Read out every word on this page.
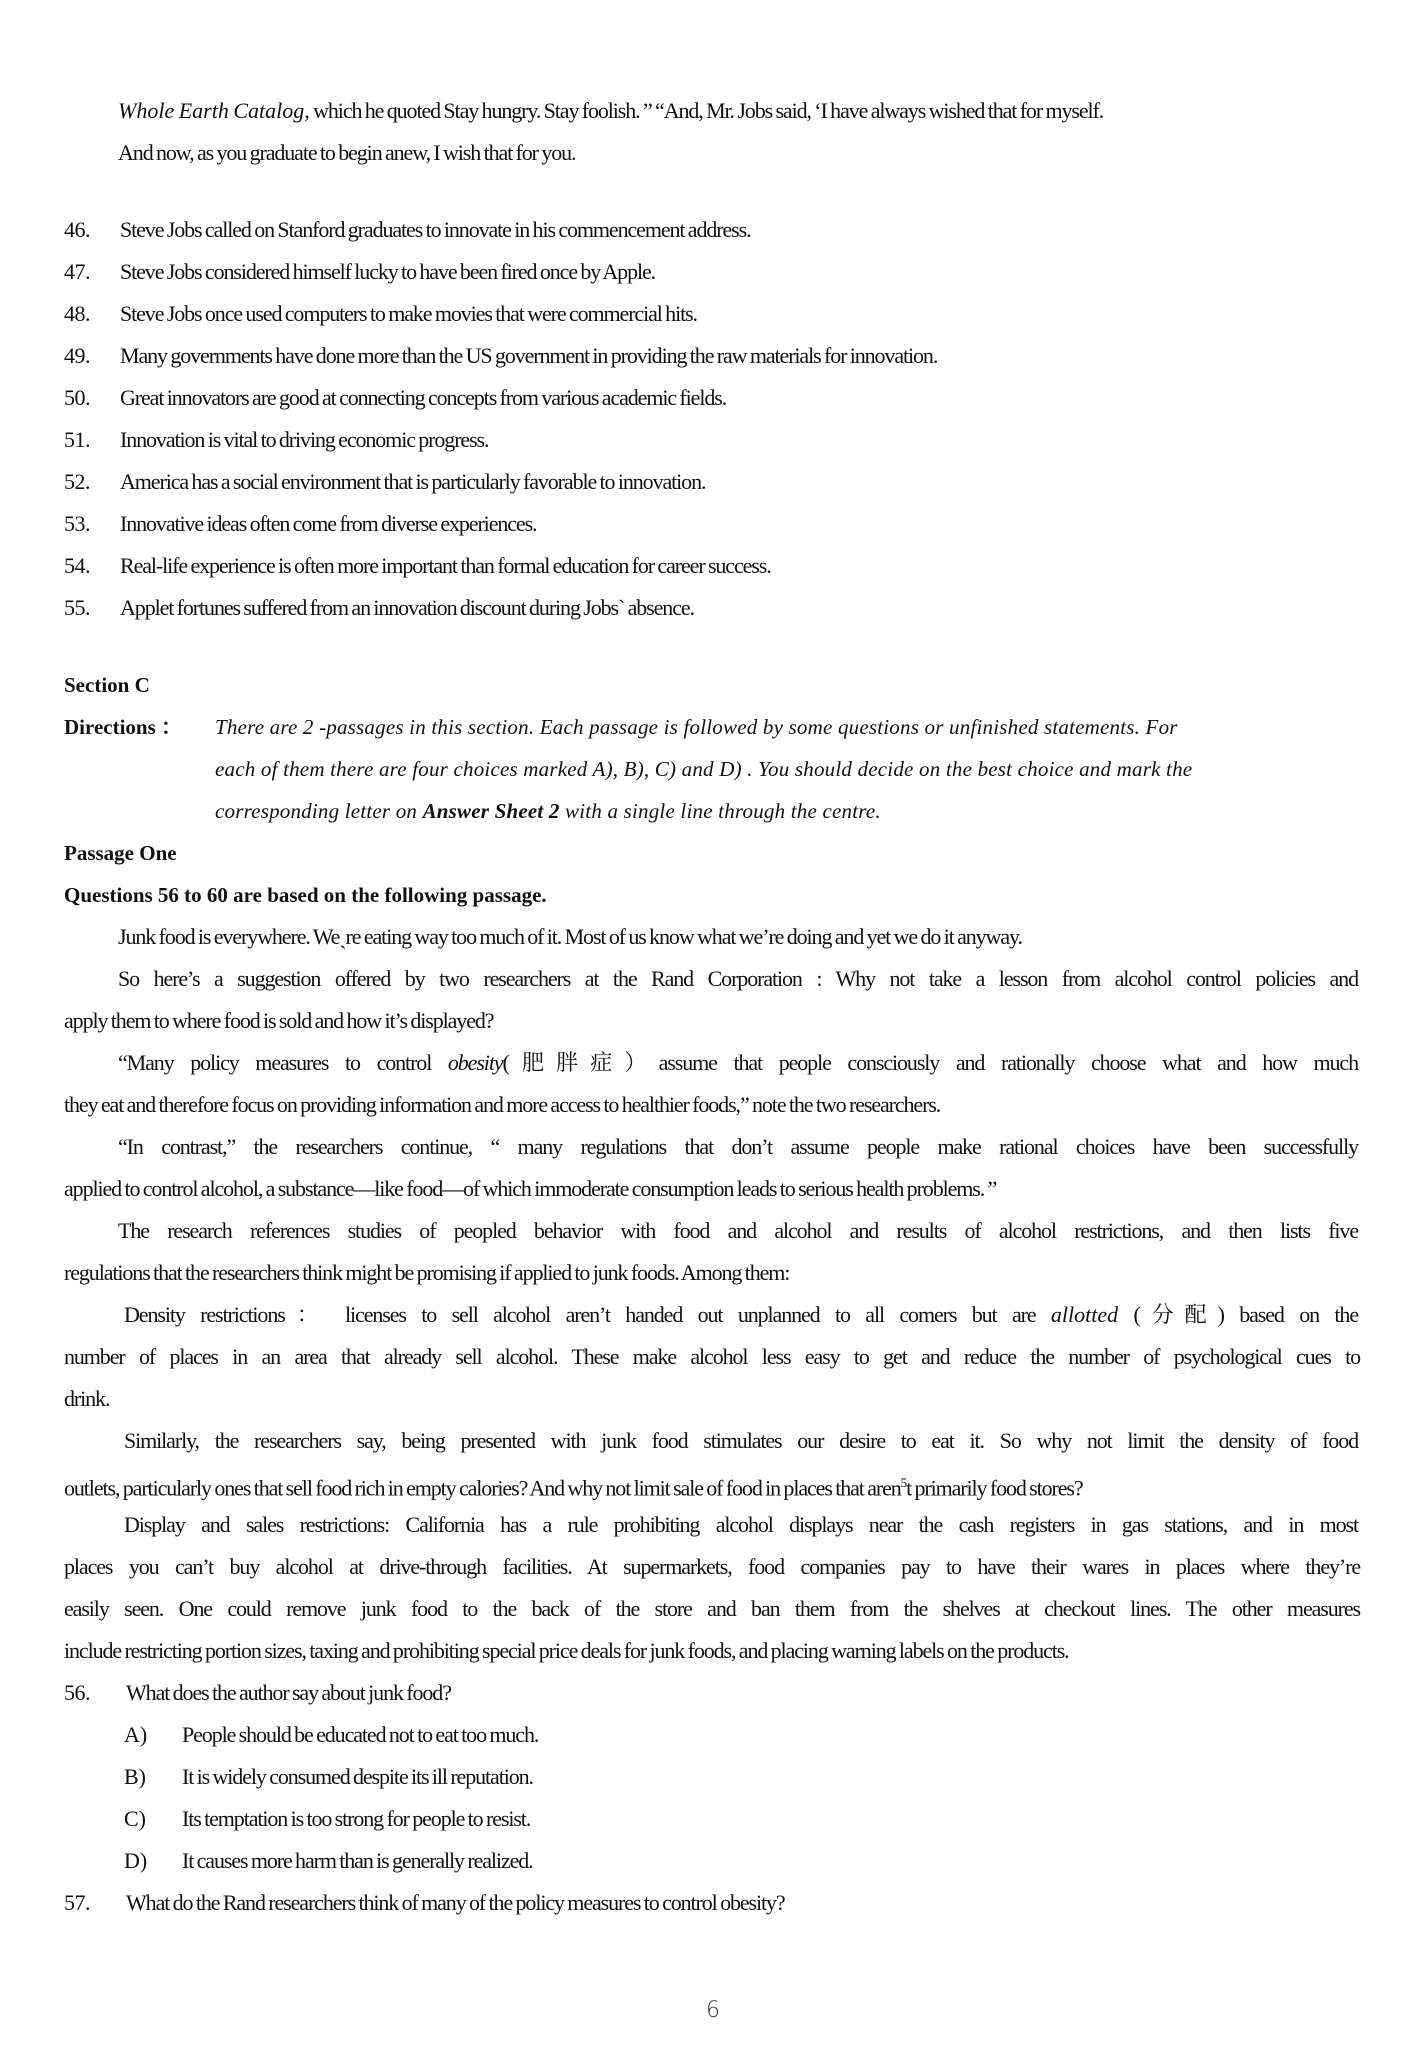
Whole Earth Catalog, which he quoted Stay hungry. Stay foolish. ” “And, Mr. Jobs said, ‘I have always wished that for myself.
And now, as you graduate to begin anew, I wish that for you.
46. Steve Jobs called on Stanford graduates to innovate in his commencement address.
47. Steve Jobs considered himself lucky to have been fired once by Apple.
48. Steve Jobs once used computers to make movies that were commercial hits.
49. Many governments have done more than the US government in providing the raw materials for innovation.
50. Great innovators are good at connecting concepts from various academic fields.
51. Innovation is vital to driving economic progress.
52. America has a social environment that is particularly favorable to innovation.
53. Innovative ideas often come from diverse experiences.
54. Real-life experience is often more important than formal education for career success.
55. Applet fortunes suffered from an innovation discount during Jobsˋ absence.
Section C
Directions ： There are 2 -passages in this section. Each passage is followed by some questions or unfinished statements. For
each of them there are four choices marked A), B), C) and D) . You should decide on the best choice and mark the
corresponding letter on Answer Sheet 2 with a single line through the centre.
Passage One
Questions 56 to 60 are based on the following passage.
Junk food is everywhere. Weˎre eating way too much of it. Most of us know what we’re doing and yet we do it anyway.
So here’s a suggestion offered by two researchers at the Rand Corporation : Why not take a lesson from alcohol control policies and
apply them to where food is sold and how it’s displayed?
“Many policy measures to control obesity(肥胖症）assume that people consciously and rationally choose what and how much
they eat and therefore focus on providing information and more access to healthier foods,” note the two researchers.
“In contrast,” the researchers continue, “ many regulations that don’t assume people make rational choices have been successfully
applied to control alcohol, a substance—like food—of which immoderate consumption leads to serious health problems. ”
The research references studies of peopled behavior with food and alcohol and results of alcohol restrictions, and then lists five
regulations that the researchers think might be promising if applied to junk foods. Among them:
Density restrictions： licenses to sell alcohol aren’t handed out unplanned to all comers but are allotted (分配) based on the
number of places in an area that already sell alcohol. These make alcohol less easy to get and reduce the number of psychological cues to
drink.
Similarly, the researchers say, being presented with junk food stimulates our desire to eat it. So why not limit the density of food
outlets, particularly ones that sell food rich in empty calories? And why not limit sale of food in places that aren$^5$t primarily food stores?
Display and sales restrictions: California has a rule prohibiting alcohol displays near the cash registers in gas stations, and in most
places you can’t buy alcohol at drive-through facilities. At supermarkets, food companies pay to have their wares in places where they’re
easily seen. One could remove junk food to the back of the store and ban them from the shelves at checkout lines. The other measures
include restricting portion sizes, taxing and prohibiting special price deals for junk foods, and placing warning labels on the products.
56. What does the author say about junk food?
A) People should be educated not to eat too much.
B) It is widely consumed despite its ill reputation.
C) Its temptation is too strong for people to resist.
D) It causes more harm than is generally realized.
57. What do the Rand researchers think of many of the policy measures to control obesity?
6
